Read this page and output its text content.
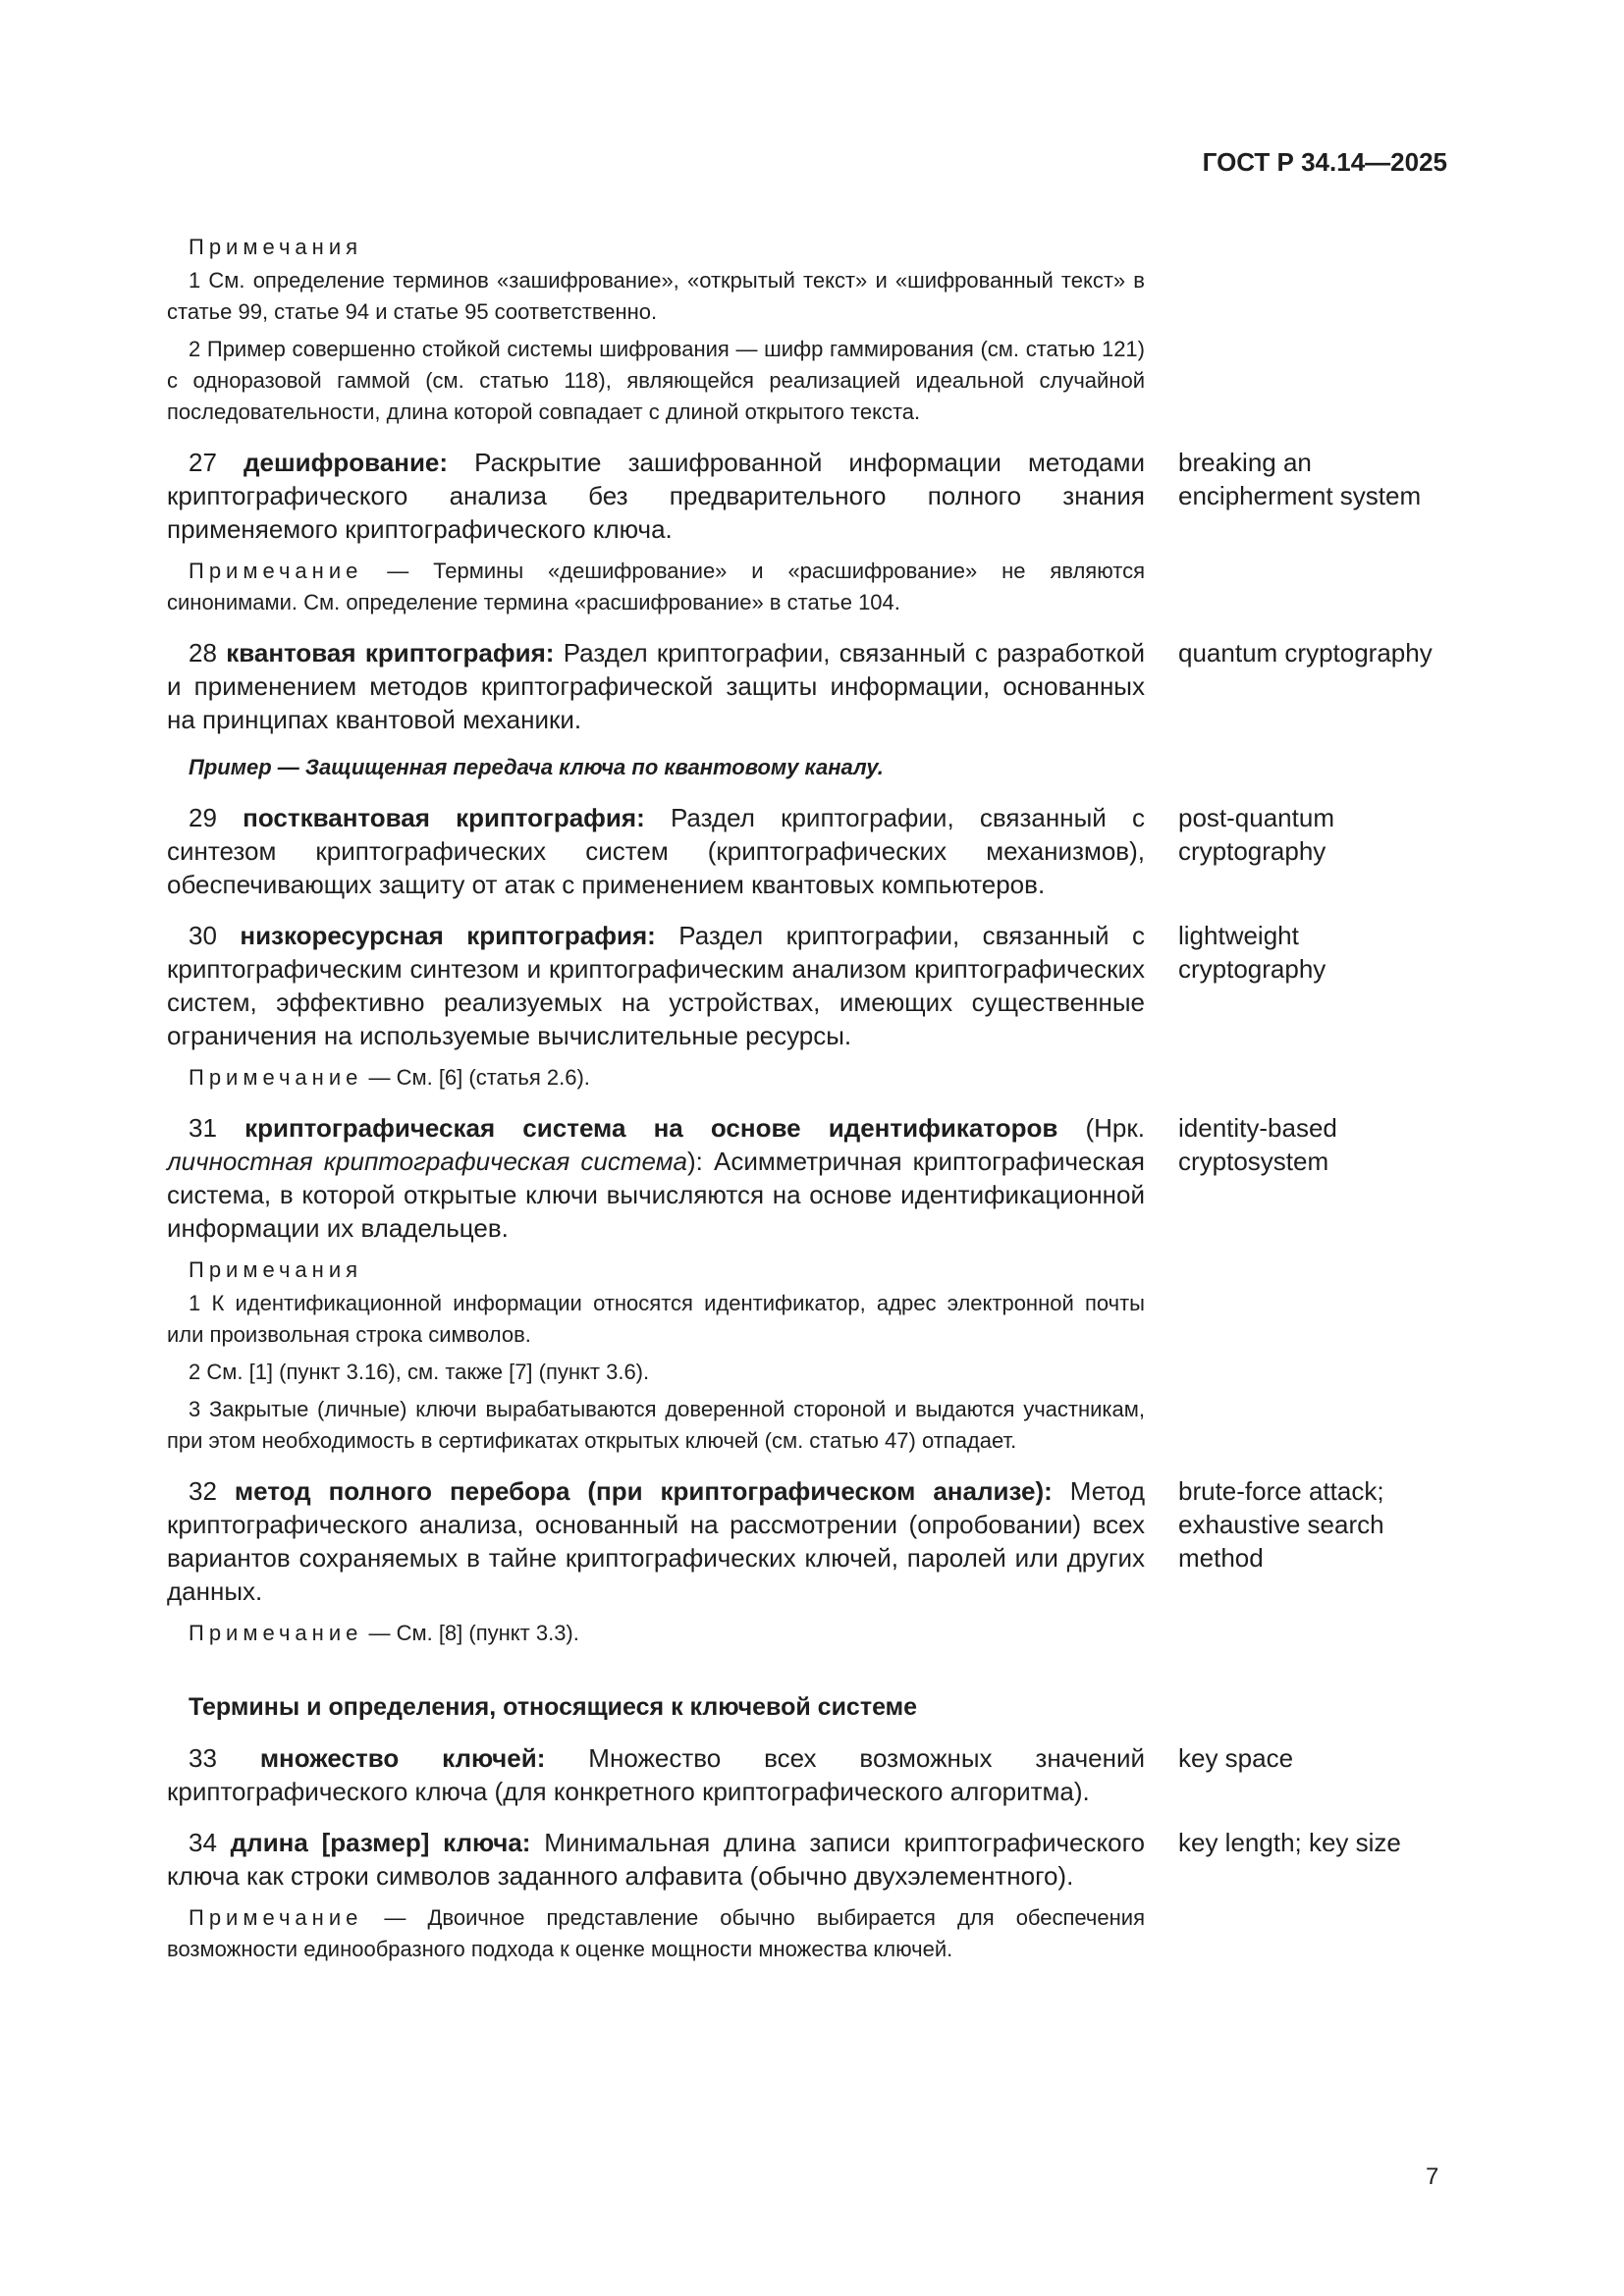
ГОСТ Р 34.14—2025
Примечания

1 См. определение терминов «зашифрование», «открытый текст» и «шифрованный текст» в статье 99, статье 94 и статье 95 соответственно.

2 Пример совершенно стойкой системы шифрования — шифр гаммирования (см. статью 121) с одноразовой гаммой (см. статью 118), являющейся реализацией идеальной случайной последовательности, длина которой совпадает с длиной открытого текста.

27 дешифрование: Раскрытие зашифрованной информации методами криптографического анализа без предварительного полного знания применяемого криптографического ключа.
breaking an encipherment system

Примечание — Термины «дешифрование» и «расшифрование» не являются синонимами. См. определение термина «расшифрование» в статье 104.

28 квантовая криптография: Раздел криптографии, связанный с разработкой и применением методов криптографической защиты информации, основанных на принципах квантовой механики.
quantum cryptography
Пример — Защищенная передача ключа по квантовому каналу.
29 постквантовая криптография: Раздел криптографии, связанный с синтезом криптографических систем (криптографических механизмов), обеспечивающих защиту от атак с применением квантовых компьютеров.
post-quantum cryptography
30 низкоресурсная криптография: Раздел криптографии, связанный с криптографическим синтезом и криптографическим анализом криптографических систем, эффективно реализуемых на устройствах, имеющих существенные ограничения на используемые вычислительные ресурсы.
lightweight cryptography

Примечание — См. [6] (статья 2.6).

31 криптографическая система на основе идентификаторов (Нрк. личностная криптографическая система): Асимметричная криптографическая система, в которой открытые ключи вычисляются на основе идентификационной информации их владельцев.
identity-based cryptosystem
Примечания

1 К идентификационной информации относятся идентификатор, адрес электронной почты или произвольная строка символов.

2 См. [1] (пункт 3.16), см. также [7] (пункт 3.6).

3 Закрытые (личные) ключи вырабатываются доверенной стороной и выдаются участникам, при этом необходимость в сертификатах открытых ключей (см. статью 47) отпадает.

32 метод полного перебора (при криптографическом анализе): Метод криптографического анализа, основанный на рассмотрении (опробовании) всех вариантов сохраняемых в тайне криптографических ключей, паролей или других данных.
brute-force attack; exhaustive search method

Примечание — См. [8] (пункт 3.3).

Термины и определения, относящиеся к ключевой системе
33 множество ключей: Множество всех возможных значений криптографического ключа (для конкретного криптографического алгоритма).
key space
34 длина [размер] ключа: Минимальная длина записи криптографического ключа как строки символов заданного алфавита (обычно двухэлементного).
key length; key size

Примечание — Двоичное представление обычно выбирается для обеспечения возможности единообразного подхода к оценке мощности множества ключей.

7
